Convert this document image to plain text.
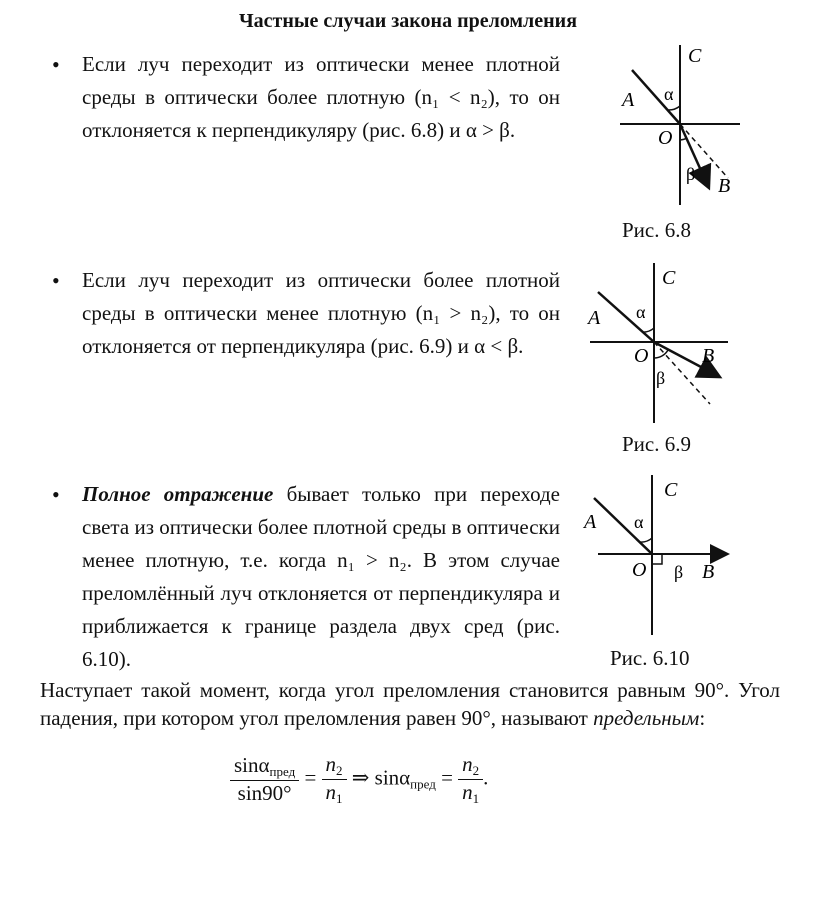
Частные случаи закона преломления
• Если луч переходит из оптически менее плотной среды в оптически более плотную (n₁ < n₂), то он отклоняется к перпендикуляру (рис. 6.8) и α > β.
C
A α
O
β
B
Рис. 6.8
• Если луч переходит из оптически более плотной среды в оптически менее плотную (n₁ > n₂), то он отклоняется от перпендикуляра (рис. 6.9) и α < β.
C
A α
O
β
B
Рис. 6.9
• Полное отражение бывает только при переходе света из оптически более плотной среды в оптически менее плотную, т.е. когда n₁ > n₂. В этом случае преломлённый луч отклоняется от перпендикуляра и приближается к границе раздела двух сред (рис. 6.10).
C
A α
O β B
Рис. 6.10
Наступает такой момент, когда угол преломления становится равным 90°. Угол падения, при котором угол преломления равен 90°, называют предельным:
$\frac{\sin\alpha_{пред}}{\sin 90^\circ} = \frac{n_2}{n_1}$ ⇒ $\sin\alpha_{пред} = \frac{n_2}{n_1}$ .
